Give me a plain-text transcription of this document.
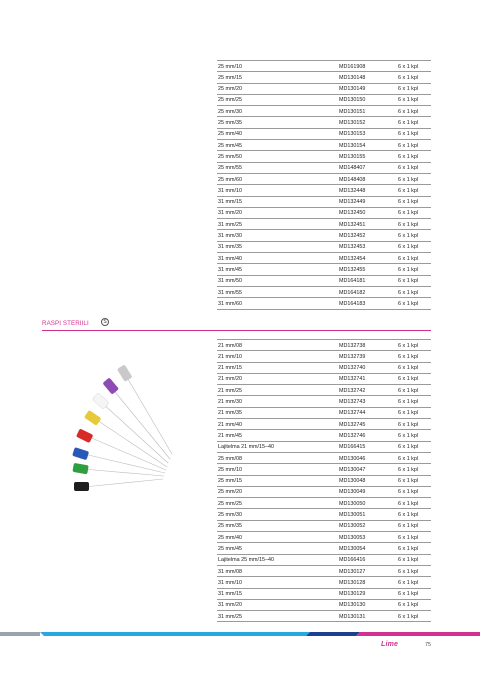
25 mm/10	MD161908	6 x 1 kpl
25 mm/15	MD130148	6 x 1 kpl
25 mm/20	MD130149	6 x 1 kpl
25 mm/25	MD130150	6 x 1 kpl
25 mm/30	MD130151	6 x 1 kpl
25 mm/35	MD130152	6 x 1 kpl
25 mm/40	MD130153	6 x 1 kpl
25 mm/45	MD130154	6 x 1 kpl
25 mm/50	MD130155	6 x 1 kpl
25 mm/55	MD148407	6 x 1 kpl
25 mm/60	MD148408	6 x 1 kpl
31 mm/10	MD132448	6 x 1 kpl
31 mm/15	MD132449	6 x 1 kpl
31 mm/20	MD132450	6 x 1 kpl
31 mm/25	MD132451	6 x 1 kpl
31 mm/30	MD132452	6 x 1 kpl
31 mm/35	MD132453	6 x 1 kpl
31 mm/40	MD132454	6 x 1 kpl
31 mm/45	MD132455	6 x 1 kpl
31 mm/50	MD164181	6 x 1 kpl
31 mm/55	MD164182	6 x 1 kpl
31 mm/60	MD164183	6 x 1 kpl
RASPI STERIILI	S
21 mm/08	MD132738	6 x 1 kpl
21 mm/10	MD132739	6 x 1 kpl
21 mm/15	MD132740	6 x 1 kpl
21 mm/20	MD132741	6 x 1 kpl
21 mm/25	MD132742	6 x 1 kpl
21 mm/30	MD132743	6 x 1 kpl
21 mm/35	MD132744	6 x 1 kpl
21 mm/40	MD132745	6 x 1 kpl
21 mm/45	MD132746	6 x 1 kpl
Lajitelma 21 mm/15–40	MD166415	6 x 1 kpl
25 mm/08	MD130046	6 x 1 kpl
25 mm/10	MD130047	6 x 1 kpl
25 mm/15	MD130048	6 x 1 kpl
25 mm/20	MD130049	6 x 1 kpl
25 mm/25	MD130050	6 x 1 kpl
25 mm/30	MD130051	6 x 1 kpl
25 mm/35	MD130052	6 x 1 kpl
25 mm/40	MD130053	6 x 1 kpl
25 mm/45	MD130054	6 x 1 kpl
Lajitelma 25 mm/15–40	MD166416	6 x 1 kpl
31 mm/08	MD130127	6 x 1 kpl
31 mm/10	MD130128	6 x 1 kpl
31 mm/15	MD130129	6 x 1 kpl
31 mm/20	MD130130	6 x 1 kpl
31 mm/25	MD130131	6 x 1 kpl
Lime	75
